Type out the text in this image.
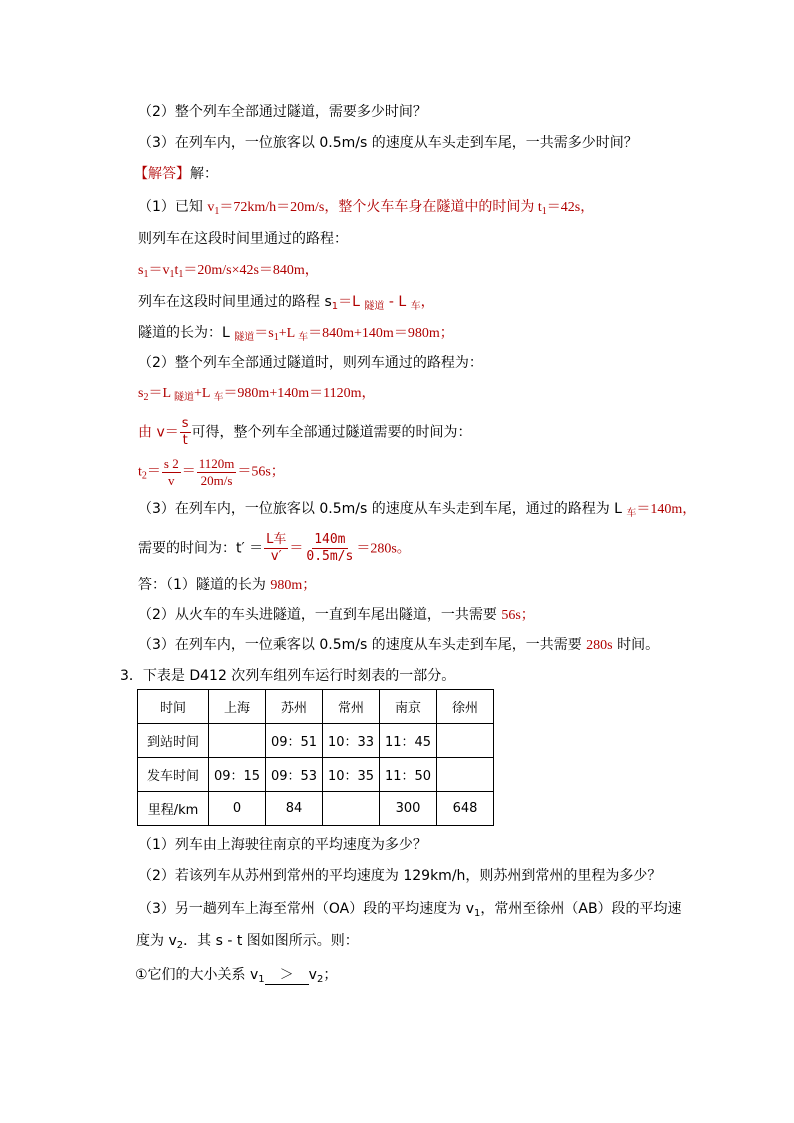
（2）整个列车全部通过隧道，需要多少时间？
（3）在列车内，一位旅客以 0.5m/s 的速度从车头走到车尾，一共需多少时间？
【解答】解：
（1）已知 $v_1=72km/h=20m/s$，整个火车车身在隧道中的时间为 $t_1=42s$，
则列车在这段时间里通过的路程：
$s_1=v_1t_1=20m/s\times 42s=840m$，
列车在这段时间里通过的路程 $s_1=L$ $_{隧道}$ - L $_车$，
隧道的长为：L $_{隧道}=s_1+L$ $_车$＝840m+140m＝980m；
（2）整个列车全部通过隧道时，则列车通过的路程为：
$s_2=L$ $_{隧道}$+L $_车$＝980m+140m＝1120m，
由 $v= \frac{s}{t}$ 可得，整个列车全部通过隧道需要的时间为：
$t_2= \frac{s 2}{v} = \frac{1120m}{20m/s} =56s$；
（3）在列车内，一位旅客以 0.5m/s 的速度从车头走到车尾，通过的路程为 L $_车$＝140m，
需要的时间为：$t' = \frac{\text{L车}}{v'} = \frac{140m}{0.5m/s} =280s$。
答：（1）隧道的长为 980m；
（2）从火车的车头进隧道，一直到车尾出隧道，一共需要 56s；
（3）在列车内，一位乘客以 0.5m/s 的速度从车头走到车尾，一共需要 280s 时间。
3．下表是 D412 次列车组列车运行时刻表的一部分。
时间	上海	苏州	常州	南京	徐州
到站时间		09：51	10：33	11：45	
发车时间	09：15	09：53	10：35	11：50	
里程/km	0	84		300	648
（1）列车由上海驶往南京的平均速度为多少？
（2）若该列车从苏州到常州的平均速度为 129km/h，则苏州到常州的里程为多少？
（3）另一趟列车上海至常州（OA）段的平均速度为 $v_1$，常州至徐州（AB）段的平均速
度为 $v_2$．其 s - t 图如图所示。则：
①它们的大小关系 $v_1 > v_2$；
